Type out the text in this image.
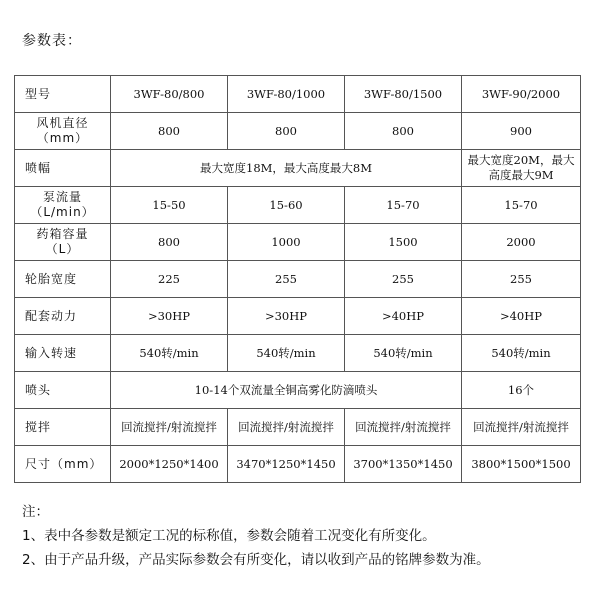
参数表：
型号	3WF-80/800	3WF-80/1000	3WF-80/1500	3WF-90/2000
风机直径
（mm）	800	800	800	900
喷幅	最大宽度18M，最大高度最大8M			最大宽度20M，最大高度最大9M
泵流量
（L/min）	15-50	15-60	15-70	15-70
药箱容量
（L）	800	1000	1500	2000
轮胎宽度	225	255	255	255
配套动力	>30HP	>30HP	>40HP	>40HP
输入转速	540转/min	540转/min	540转/min	540转/min
喷头	10-14个双流量全铜高雾化防滴喷头			16个
搅拌	回流搅拌/射流搅拌	回流搅拌/射流搅拌	回流搅拌/射流搅拌	回流搅拌/射流搅拌
尺寸（mm）	2000*1250*1400	3470*1250*1450	3700*1350*1450	3800*1500*1500
注：
1、表中各参数是额定工况的标称值，参数会随着工况变化有所变化。
2、由于产品升级，产品实际参数会有所变化，请以收到产品的铭牌参数为准。
